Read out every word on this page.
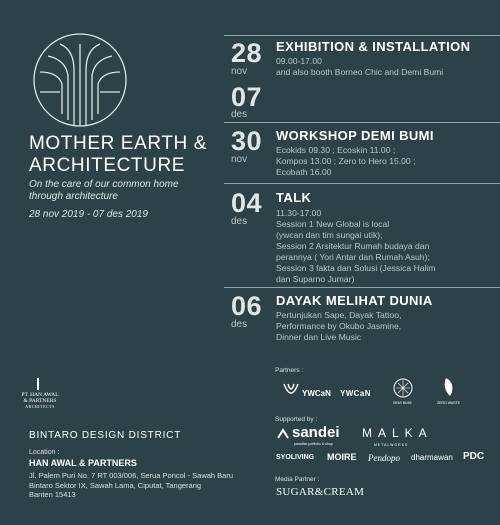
MOTHER EARTH &
ARCHITECTURE
On the care of our common home
through architecture
28 nov 2019 - 07 des 2019
PT. HAN AWAL
& PARTNERS
ARCHITECTS
BINTARO DESIGN DISTRICT
Location :
HAN AWAL & PARTNERS
Jl. Palem Puri No. 7 RT 003/006, Serua Poncol - Sawah Baru
Bintaro Sektor IX, Sawah Lama, Ciputat, Tangerang
Banten 15413
28
nov
07
des
EXHIBITION & INSTALLATION
09.00-17.00
and also booth Borneo Chic and Demi Bumi
30
nov
WORKSHOP DEMI BUMI
Ecokids 09.30 ; Ecoskin 11.00 ;
Kompos 13.00 ; Zero to Hero 15.00 ;
Ecobath 16.00
04
des
TALK
11.30-17.00
Session 1 New Global is local
(ywcan dan tim sungai utik);
Session 2 Arsitektur Rumah budaya dan
perannya ( Yori Antar dan Rumah Asuh);
Session 3 fakta dan Solusi (Jessica Halim
dan Suparno Jumar)
06
des
DAYAK MELIHAT DUNIA
Pertunjukan Sape, Dayak Tattoo,
Performance by Okubo Jasmine,
Dinner dan Live Music
Partners :
YWCaN YWCaN
DEMI BUMI	ZERO WASTE
Supported by :
sandei
paradise portfolio & shop
MALKA
METALWORKS
SYOLIVING MOIRE Pendopo dharmawan PDC
Media Partner :
SUGAR&CREAM
